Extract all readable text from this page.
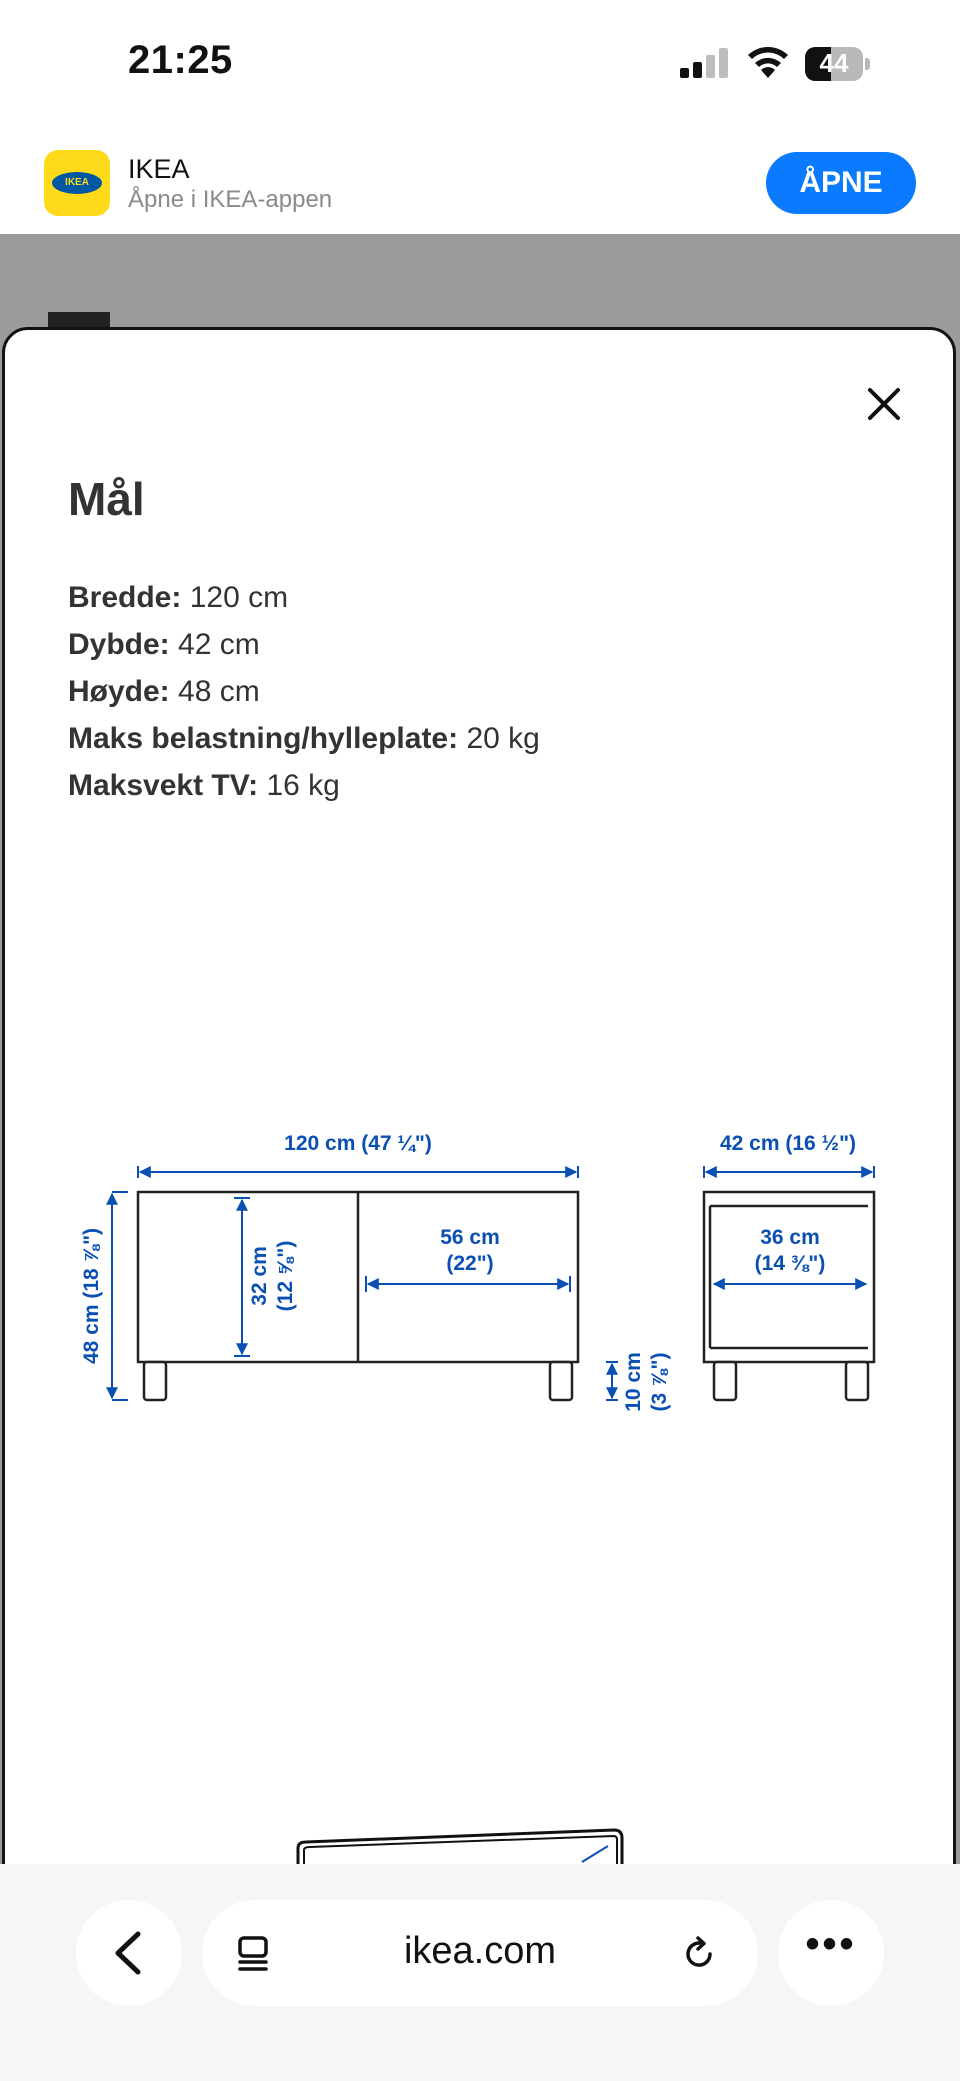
21:25	44
IKEA	IKEA
Åpne i IKEA-appen
ÅPNE
Mål
Bredde: 120 cm
Dybde: 42 cm
Høyde: 48 cm
Maks belastning/hylleplate: 20 kg
Maksvekt TV: 16 kg
120 cm (47 ¼")
48 cm (18 ⅞")	32 cm (12 ⅝")
56 cm
(22")
10 cm (3 ⅞")
42 cm (16 ½")
36 cm
(14 ⅜")
ikea.com	•••
